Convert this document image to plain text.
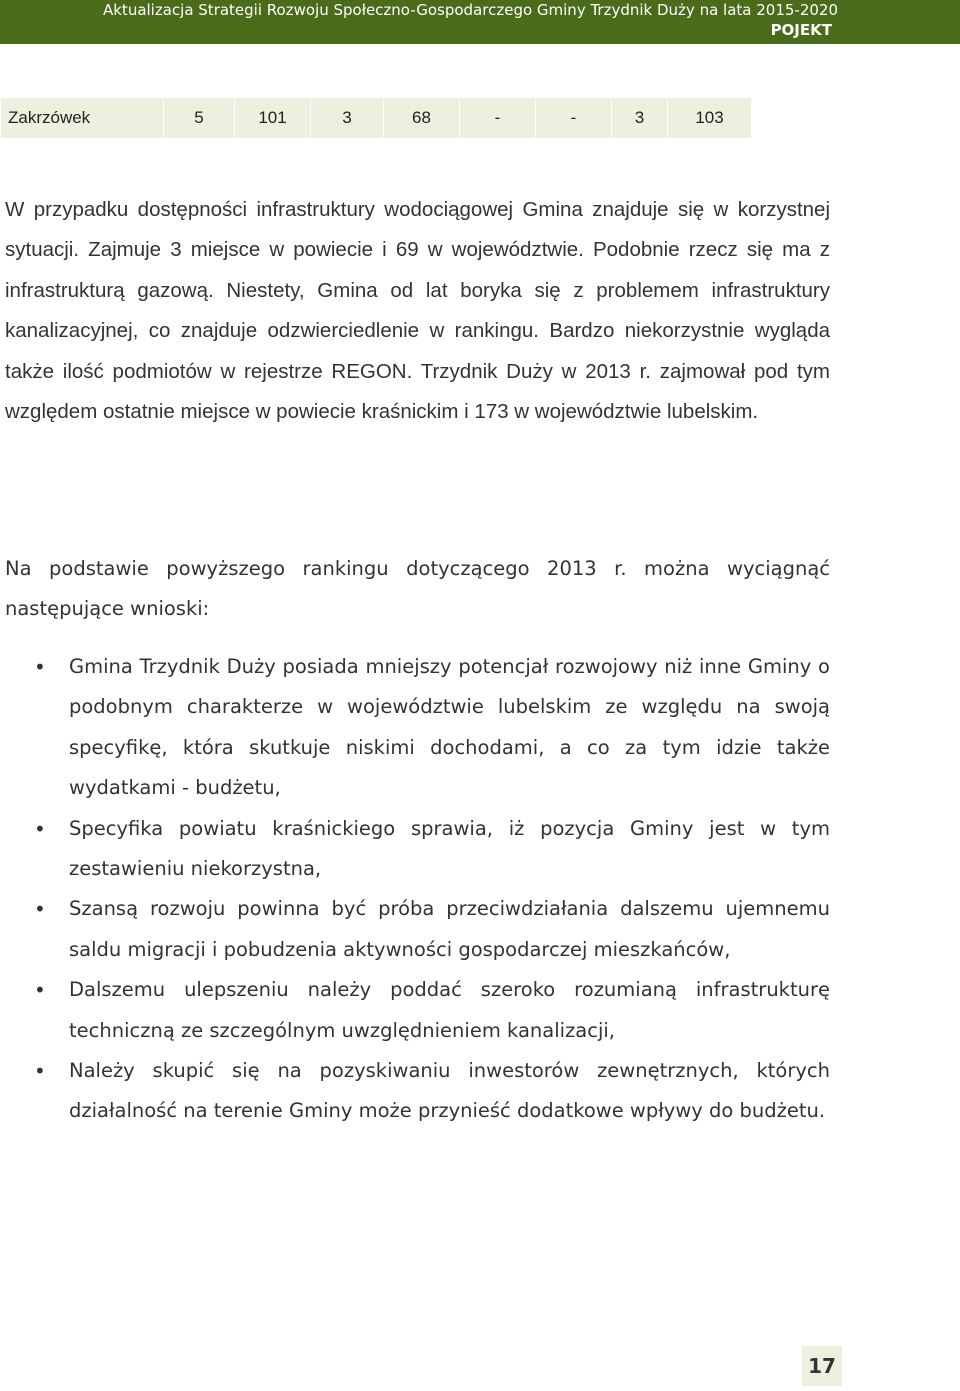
Aktualizacja Strategii Rozwoju Społeczno-Gospodarczego Gminy Trzydnik Duży na lata 2015-2020
POJEKT
Zakrzówek	5	101	3	68	-	-	3	103

W przypadku dostępności infrastruktury wodociągowej Gmina znajduje się w korzystnej sytuacji. Zajmuje 3 miejsce w powiecie i 69 w województwie. Podobnie rzecz się ma z infrastrukturą gazową. Niestety, Gmina od lat boryka się z problemem infrastruktury kanalizacyjnej, co znajduje odzwierciedlenie w rankingu. Bardzo niekorzystnie wygląda także ilość podmiotów w rejestrze REGON. Trzydnik Duży w 2013 r. zajmował pod tym względem ostatnie miejsce w powiecie kraśnickim i 173 w województwie lubelskim.

Na podstawie powyższego rankingu dotyczącego 2013 r. można wyciągnąć następujące wnioski:

• Gmina Trzydnik Duży posiada mniejszy potencjał rozwojowy niż inne Gminy o podobnym charakterze w województwie lubelskim ze względu na swoją specyfikę, która skutkuje niskimi dochodami, a co za tym idzie także wydatkami - budżetu,
• Specyfika powiatu kraśnickiego sprawia, iż pozycja Gminy jest w tym zestawieniu niekorzystna,
• Szansą rozwoju powinna być próba przeciwdziałania dalszemu ujemnemu saldu migracji i pobudzenia aktywności gospodarczej mieszkańców,
• Dalszemu ulepszeniu należy poddać szeroko rozumianą infrastrukturę techniczną ze szczególnym uwzględnieniem kanalizacji,
• Należy skupić się na pozyskiwaniu inwestorów zewnętrznych, których działalność na terenie Gminy może przynieść dodatkowe wpływy do budżetu.
17
